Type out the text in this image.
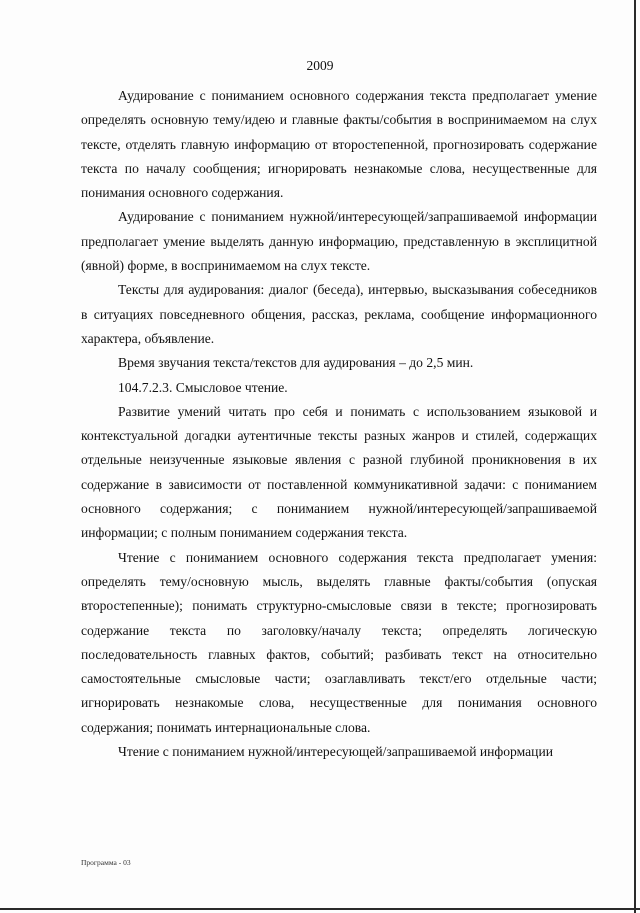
2009

Аудирование с пониманием основного содержания текста предполагает умение определять основную тему/идею и главные факты/события в воспринимаемом на слух тексте, отделять главную информацию от второстепенной, прогнозировать содержание текста по началу сообщения; игнорировать незнакомые слова, несущественные для понимания основного содержания.

Аудирование с пониманием нужной/интересующей/запрашиваемой информации предполагает умение выделять данную информацию, представленную в эксплицитной (явной) форме, в воспринимаемом на слух тексте.

Тексты для аудирования: диалог (беседа), интервью, высказывания собеседников в ситуациях повседневного общения, рассказ, реклама, сообщение информационного характера, объявление.

Время звучания текста/текстов для аудирования – до 2,5 мин.

104.7.2.3. Смысловое чтение.

Развитие умений читать про себя и понимать с использованием языковой и контекстуальной догадки аутентичные тексты разных жанров и стилей, содержащих отдельные неизученные языковые явления с разной глубиной проникновения в их содержание в зависимости от поставленной коммуникативной задачи: с пониманием основного содержания; с пониманием нужной/интересующей/запрашиваемой информации; с полным пониманием содержания текста.

Чтение с пониманием основного содержания текста предполагает умения: определять тему/основную мысль, выделять главные факты/события (опуская второстепенные); понимать структурно-смысловые связи в тексте; прогнозировать содержание текста по заголовку/началу текста; определять логическую последовательность главных фактов, событий; разбивать текст на относительно самостоятельные смысловые части; озаглавливать текст/его отдельные части; игнорировать незнакомые слова, несущественные для понимания основного содержания; понимать интернациональные слова.

Чтение с пониманием нужной/интересующей/запрашиваемой информации

Программа - 03
